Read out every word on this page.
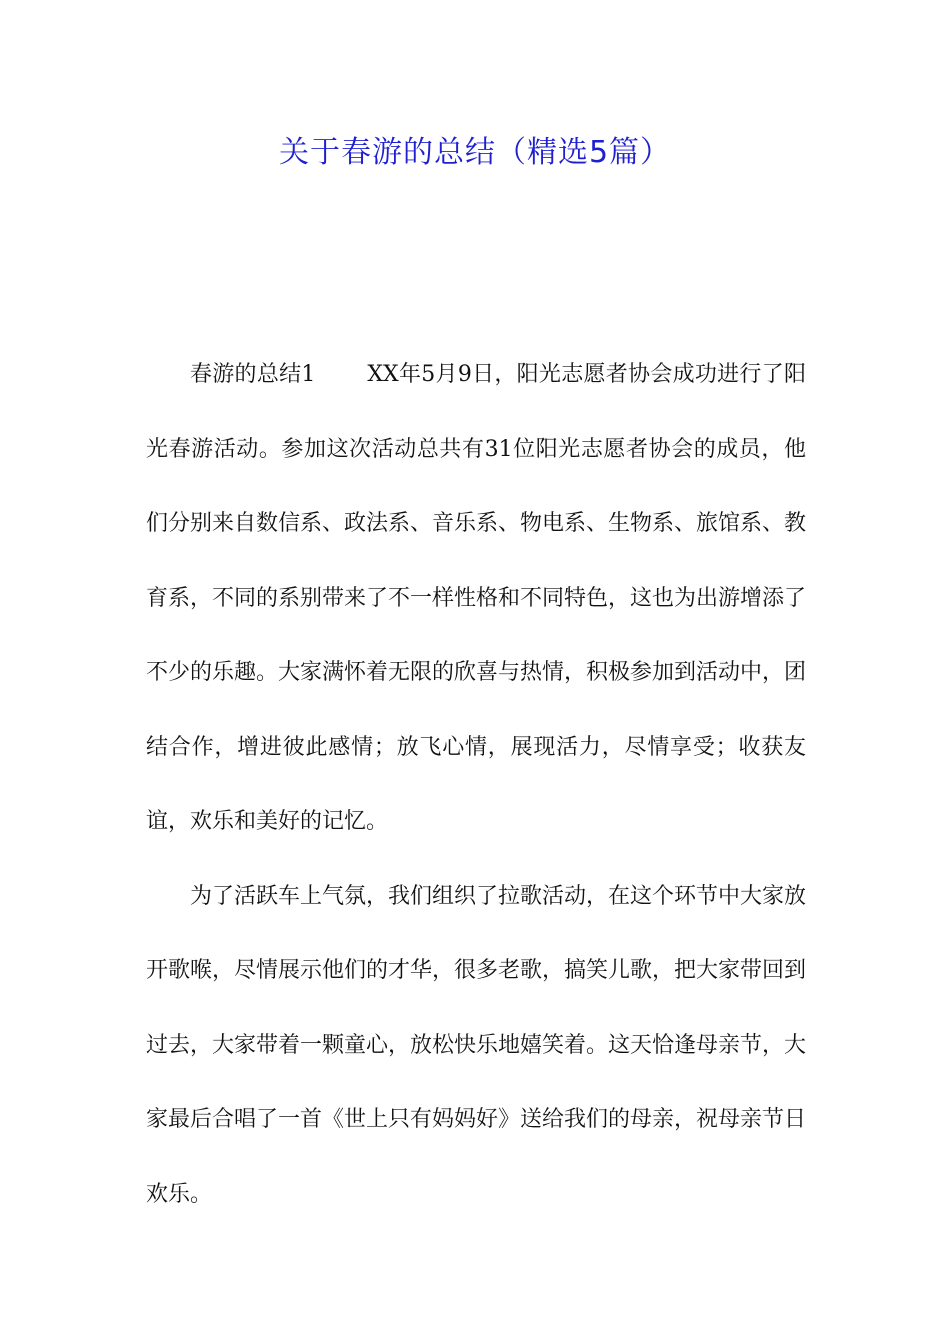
关于春游的总结（精选5篇）

春游的总结1 XX年5月9日，阳光志愿者协会成功进行了阳光春游活动。参加这次活动总共有31位阳光志愿者协会的成员，他们分别来自数信系、政法系、音乐系、物电系、生物系、旅馆系、教育系，不同的系别带来了不一样性格和不同特色，这也为出游增添了不少的乐趣。大家满怀着无限的欣喜与热情，积极参加到活动中，团结合作，增进彼此感情；放飞心情，展现活力，尽情享受；收获友谊，欢乐和美好的记忆。

为了活跃车上气氛，我们组织了拉歌活动，在这个环节中大家放开歌喉，尽情展示他们的才华，很多老歌，搞笑儿歌，把大家带回到过去，大家带着一颗童心，放松快乐地嬉笑着。这天恰逢母亲节，大家最后合唱了一首《世上只有妈妈好》送给我们的母亲，祝母亲节日欢乐。
